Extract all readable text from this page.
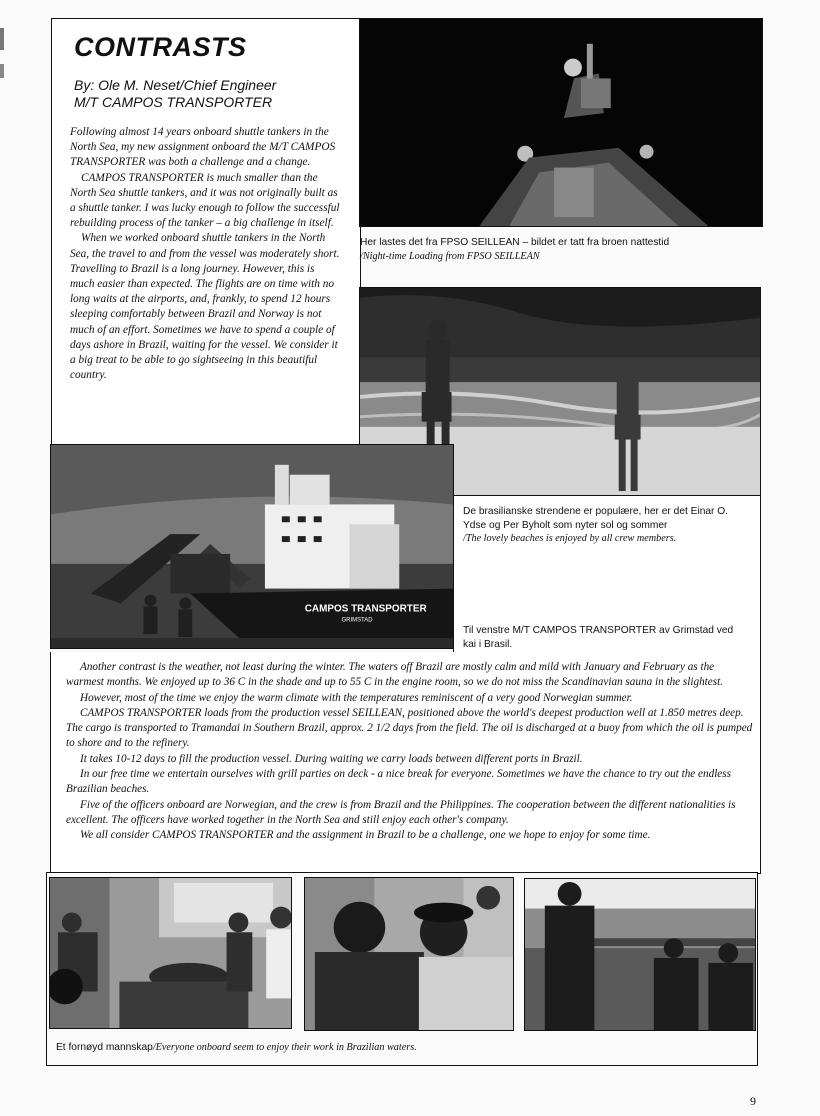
CONTRASTS
By: Ole M. Neset/Chief Engineer
M/T CAMPOS TRANSPORTER

Following almost 14 years onboard shuttle tankers in the North Sea, my new assignment onboard the M/T CAMPOS TRANSPORTER was both a challenge and a change.

CAMPOS TRANSPORTER is much smaller than the North Sea shuttle tankers, and it was not originally built as a shuttle tanker. I was lucky enough to follow the successful rebuilding process of the tanker – a big challenge in itself.

When we worked onboard shuttle tankers in the North Sea, the travel to and from the vessel was moderately short. Travelling to Brazil is a long journey. However, this is much easier than expected. The flights are on time with no long waits at the airports, and, frankly, to spend 12 hours sleeping comfortably between Brazil and Norway is not much of an effort. Sometimes we have to spend a couple of days ashore in Brazil, waiting for the vessel. We consider it a big treat to be able to go sightseeing in this beautiful country.

Her lastes det fra FPSO SEILLEAN – bildet er tatt fra broen nattestid
/Night-time Loading from FPSO SEILLEAN
De brasilianske strendene er populære, her er det Einar O. Ydse og Per Byholt som nyter sol og sommer
/The lovely beaches is enjoyed by all crew members.
Til venstre M/T CAMPOS TRANSPORTER av Grimstad ved kai i Brasil.
CAMPOS TRANSPORTER
GRIMSTAD

Another contrast is the weather, not least during the winter. The waters off Brazil are mostly calm and mild with January and February as the warmest months. We enjoyed up to 36 C in the shade and up to 55 C in the engine room, so we do not miss the Scandinavian sauna in the slightest.

However, most of the time we enjoy the warm climate with the temperatures reminiscent of a very good Norwegian summer.

CAMPOS TRANSPORTER loads from the production vessel SEILLEAN, positioned above the world's deepest production well at 1.850 metres deep. The cargo is transported to Tramandai in Southern Brazil, approx. 2 1/2 days from the field. The oil is discharged at a buoy from which the oil is pumped to shore and to the refinery.

It takes 10-12 days to fill the production vessel. During waiting we carry loads between different ports in Brazil.

In our free time we entertain ourselves with grill parties on deck - a nice break for everyone. Sometimes we have the chance to try out the endless Brazilian beaches.

Five of the officers onboard are Norwegian, and the crew is from Brazil and the Philippines. The cooperation between the different nationalities is excellent. The officers have worked together in the North Sea and still enjoy each other's company.

We all consider CAMPOS TRANSPORTER and the assignment in Brazil to be a challenge, one we hope to enjoy for some time.

Et fornøyd mannskap/Everyone onboard seem to enjoy their work in Brazilian waters.
9
